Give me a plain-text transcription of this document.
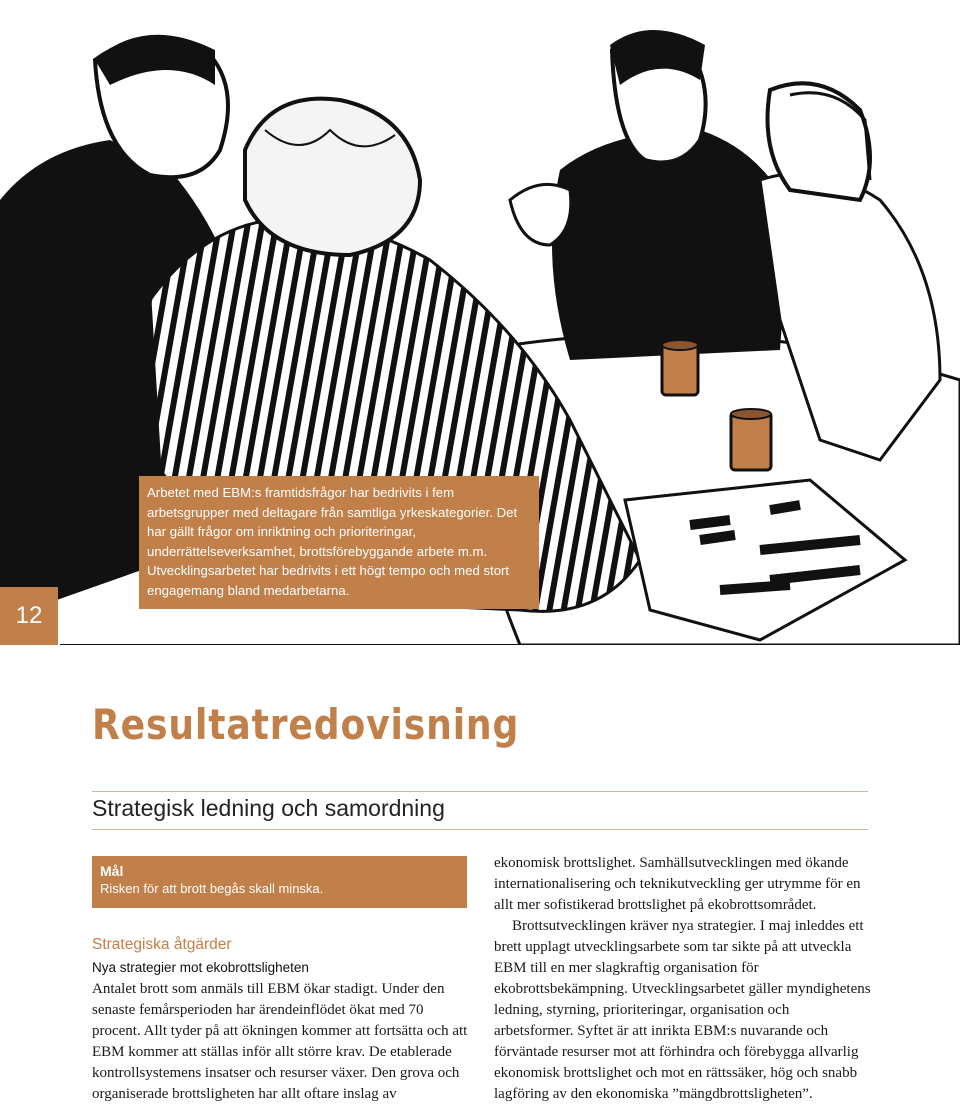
Arbetet med EBM:s framtidsfrågor har bedrivits i fem arbetsgrupper med deltagare från samtliga yrkeskategorier. Det har gällt frågor om inriktning och prioriteringar, underrättelseverksamhet, brottsförebyggande arbete m.m. Utvecklingsarbetet har bedrivits i ett högt tempo och med stort engagemang bland medarbetarna.
12
Resultatredovisning
Strategisk ledning och samordning
Mål
Risken för att brott begås skall minska.
Strategiska åtgärder
Nya strategier mot ekobrottsligheten

Antalet brott som anmäls till EBM ökar stadigt. Under den senaste femårsperioden har ärendeinflödet ökat med 70 procent. Allt tyder på att ökningen kommer att fortsätta och att EBM kommer att ställas inför allt större krav. De etablerade kontrollsystemens insatser och resurser växer. Den grova och organiserade brottsligheten har allt oftare inslag av

ekonomisk brottslighet. Samhällsutvecklingen med ökande internationalisering och teknikutveckling ger utrymme för en allt mer sofistikerad brottslighet på ekobrottsområdet.

Brottsutvecklingen kräver nya strategier. I maj inleddes ett brett upplagt utvecklingsarbete som tar sikte på att utveckla EBM till en mer slagkraftig organisation för ekobrottsbekämpning. Utvecklingsarbetet gäller myndighetens ledning, styrning, prioriteringar, organisation och arbetsformer. Syftet är att inrikta EBM:s nuvarande och förväntade resurser mot att förhindra och förebygga allvarlig ekonomisk brottslighet och mot en rättssäker, hög och snabb lagföring av den ekonomiska ”mängdbrottsligheten”.
